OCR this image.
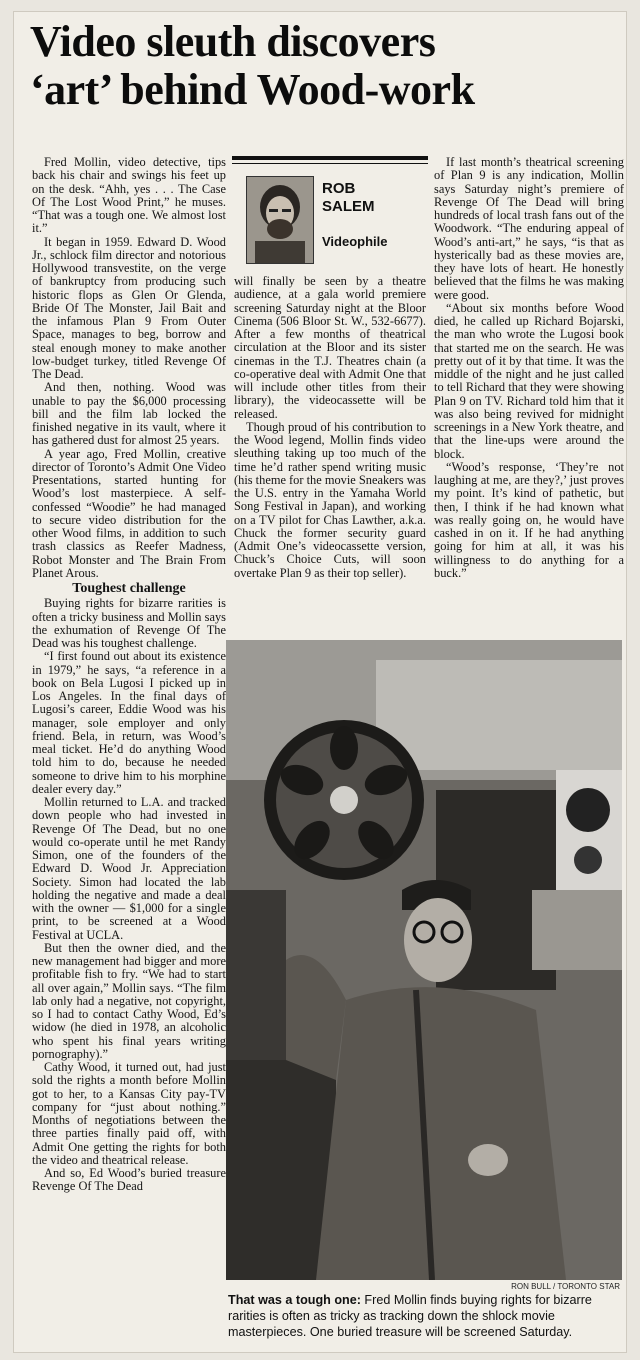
Video sleuth discovers
‘art’ behind Wood-work

Fred Mollin, video detective, tips back his chair and swings his feet up on the desk. “Ahh, yes . . . The Case Of The Lost Wood Print,” he muses. “That was a tough one. We almost lost it.”

It began in 1959. Edward D. Wood Jr., schlock film director and notorious Hollywood transvestite, on the verge of bankruptcy from producing such historic flops as Glen Or Glenda, Bride Of The Monster, Jail Bait and the infamous Plan 9 From Outer Space, manages to beg, borrow and steal enough money to make another low-budget turkey, titled Revenge Of The Dead.

And then, nothing. Wood was unable to pay the $6,000 processing bill and the film lab locked the finished negative in its vault, where it has gathered dust for almost 25 years.

A year ago, Fred Mollin, creative director of Toronto’s Admit One Video Presentations, started hunting for Wood’s lost masterpiece. A self-confessed “Woodie” he had managed to secure video distribution for the other Wood films, in addition to such trash classics as Reefer Madness, Robot Monster and The Brain From Planet Arous.

Toughest challenge

Buying rights for bizarre rarities is often a tricky business and Mollin says the exhumation of Revenge Of The Dead was his toughest challenge.

“I first found out about its existence in 1979,” he says, “a reference in a book on Bela Lugosi I picked up in Los Angeles. In the final days of Lugosi’s career, Eddie Wood was his manager, sole employer and only friend. Bela, in return, was Wood’s meal ticket. He’d do anything Wood told him to do, because he needed someone to drive him to his morphine dealer every day.”

Mollin returned to L.A. and tracked down people who had invested in Revenge Of The Dead, but no one would co-operate until he met Randy Simon, one of the founders of the Edward D. Wood Jr. Appreciation Society. Simon had located the lab holding the negative and made a deal with the owner — $1,000 for a single print, to be screened at a Wood Festival at UCLA.

But then the owner died, and the new management had bigger and more profitable fish to fry. “We had to start all over again,” Mollin says. “The film lab only had a negative, not copyright, so I had to contact Cathy Wood, Ed’s widow (he died in 1978, an alcoholic who spent his final years writing pornography).”

Cathy Wood, it turned out, had just sold the rights a month before Mollin got to her, to a Kansas City pay-TV company for “just about nothing.” Months of negotiations between the three parties finally paid off, with Admit One getting the rights for both the video and theatrical release.

And so, Ed Wood’s buried treasure Revenge Of The Dead

ROB
SALEM
Videophile

will finally be seen by a theatre audience, at a gala world premiere screening Saturday night at the Bloor Cinema (506 Bloor St. W., 532-6677). After a few months of theatrical circulation at the Bloor and its sister cinemas in the T.J. Theatres chain (a co-operative deal with Admit One that will include other titles from their library), the videocassette will be released.

Though proud of his contribution to the Wood legend, Mollin finds video sleuthing taking up too much of the time he’d rather spend writing music (his theme for the movie Sneakers was the U.S. entry in the Yamaha World Song Festival in Japan), and working on a TV pilot for Chas Lawther, a.k.a. Chuck the former security guard (Admit One’s videocassette version, Chuck’s Choice Cuts, will soon overtake Plan 9 as their top seller).

If last month’s theatrical screening of Plan 9 is any indication, Mollin says Saturday night’s premiere of Revenge Of The Dead will bring hundreds of local trash fans out of the Woodwork. “The enduring appeal of Wood’s anti-art,” he says, “is that as hysterically bad as these movies are, they have lots of heart. He honestly believed that the films he was making were good.

“About six months before Wood died, he called up Richard Bojarski, the man who wrote the Lugosi book that started me on the search. He was pretty out of it by that time. It was the middle of the night and he just called to tell Richard that they were showing Plan 9 on TV. Richard told him that it was also being revived for midnight screenings in a New York theatre, and that the line-ups were around the block.

“Wood’s response, ‘They’re not laughing at me, are they?,’ just proves my point. It’s kind of pathetic, but then, I think if he had known what was really going on, he would have cashed in on it. If he had anything going for him at all, it was his willingness to do anything for a buck.”

RON BULL / TORONTO STAR
That was a tough one: Fred Mollin finds buying rights for bizarre rarities is often as tricky as tracking down the shlock movie masterpieces. One buried treasure will be screened Saturday.
